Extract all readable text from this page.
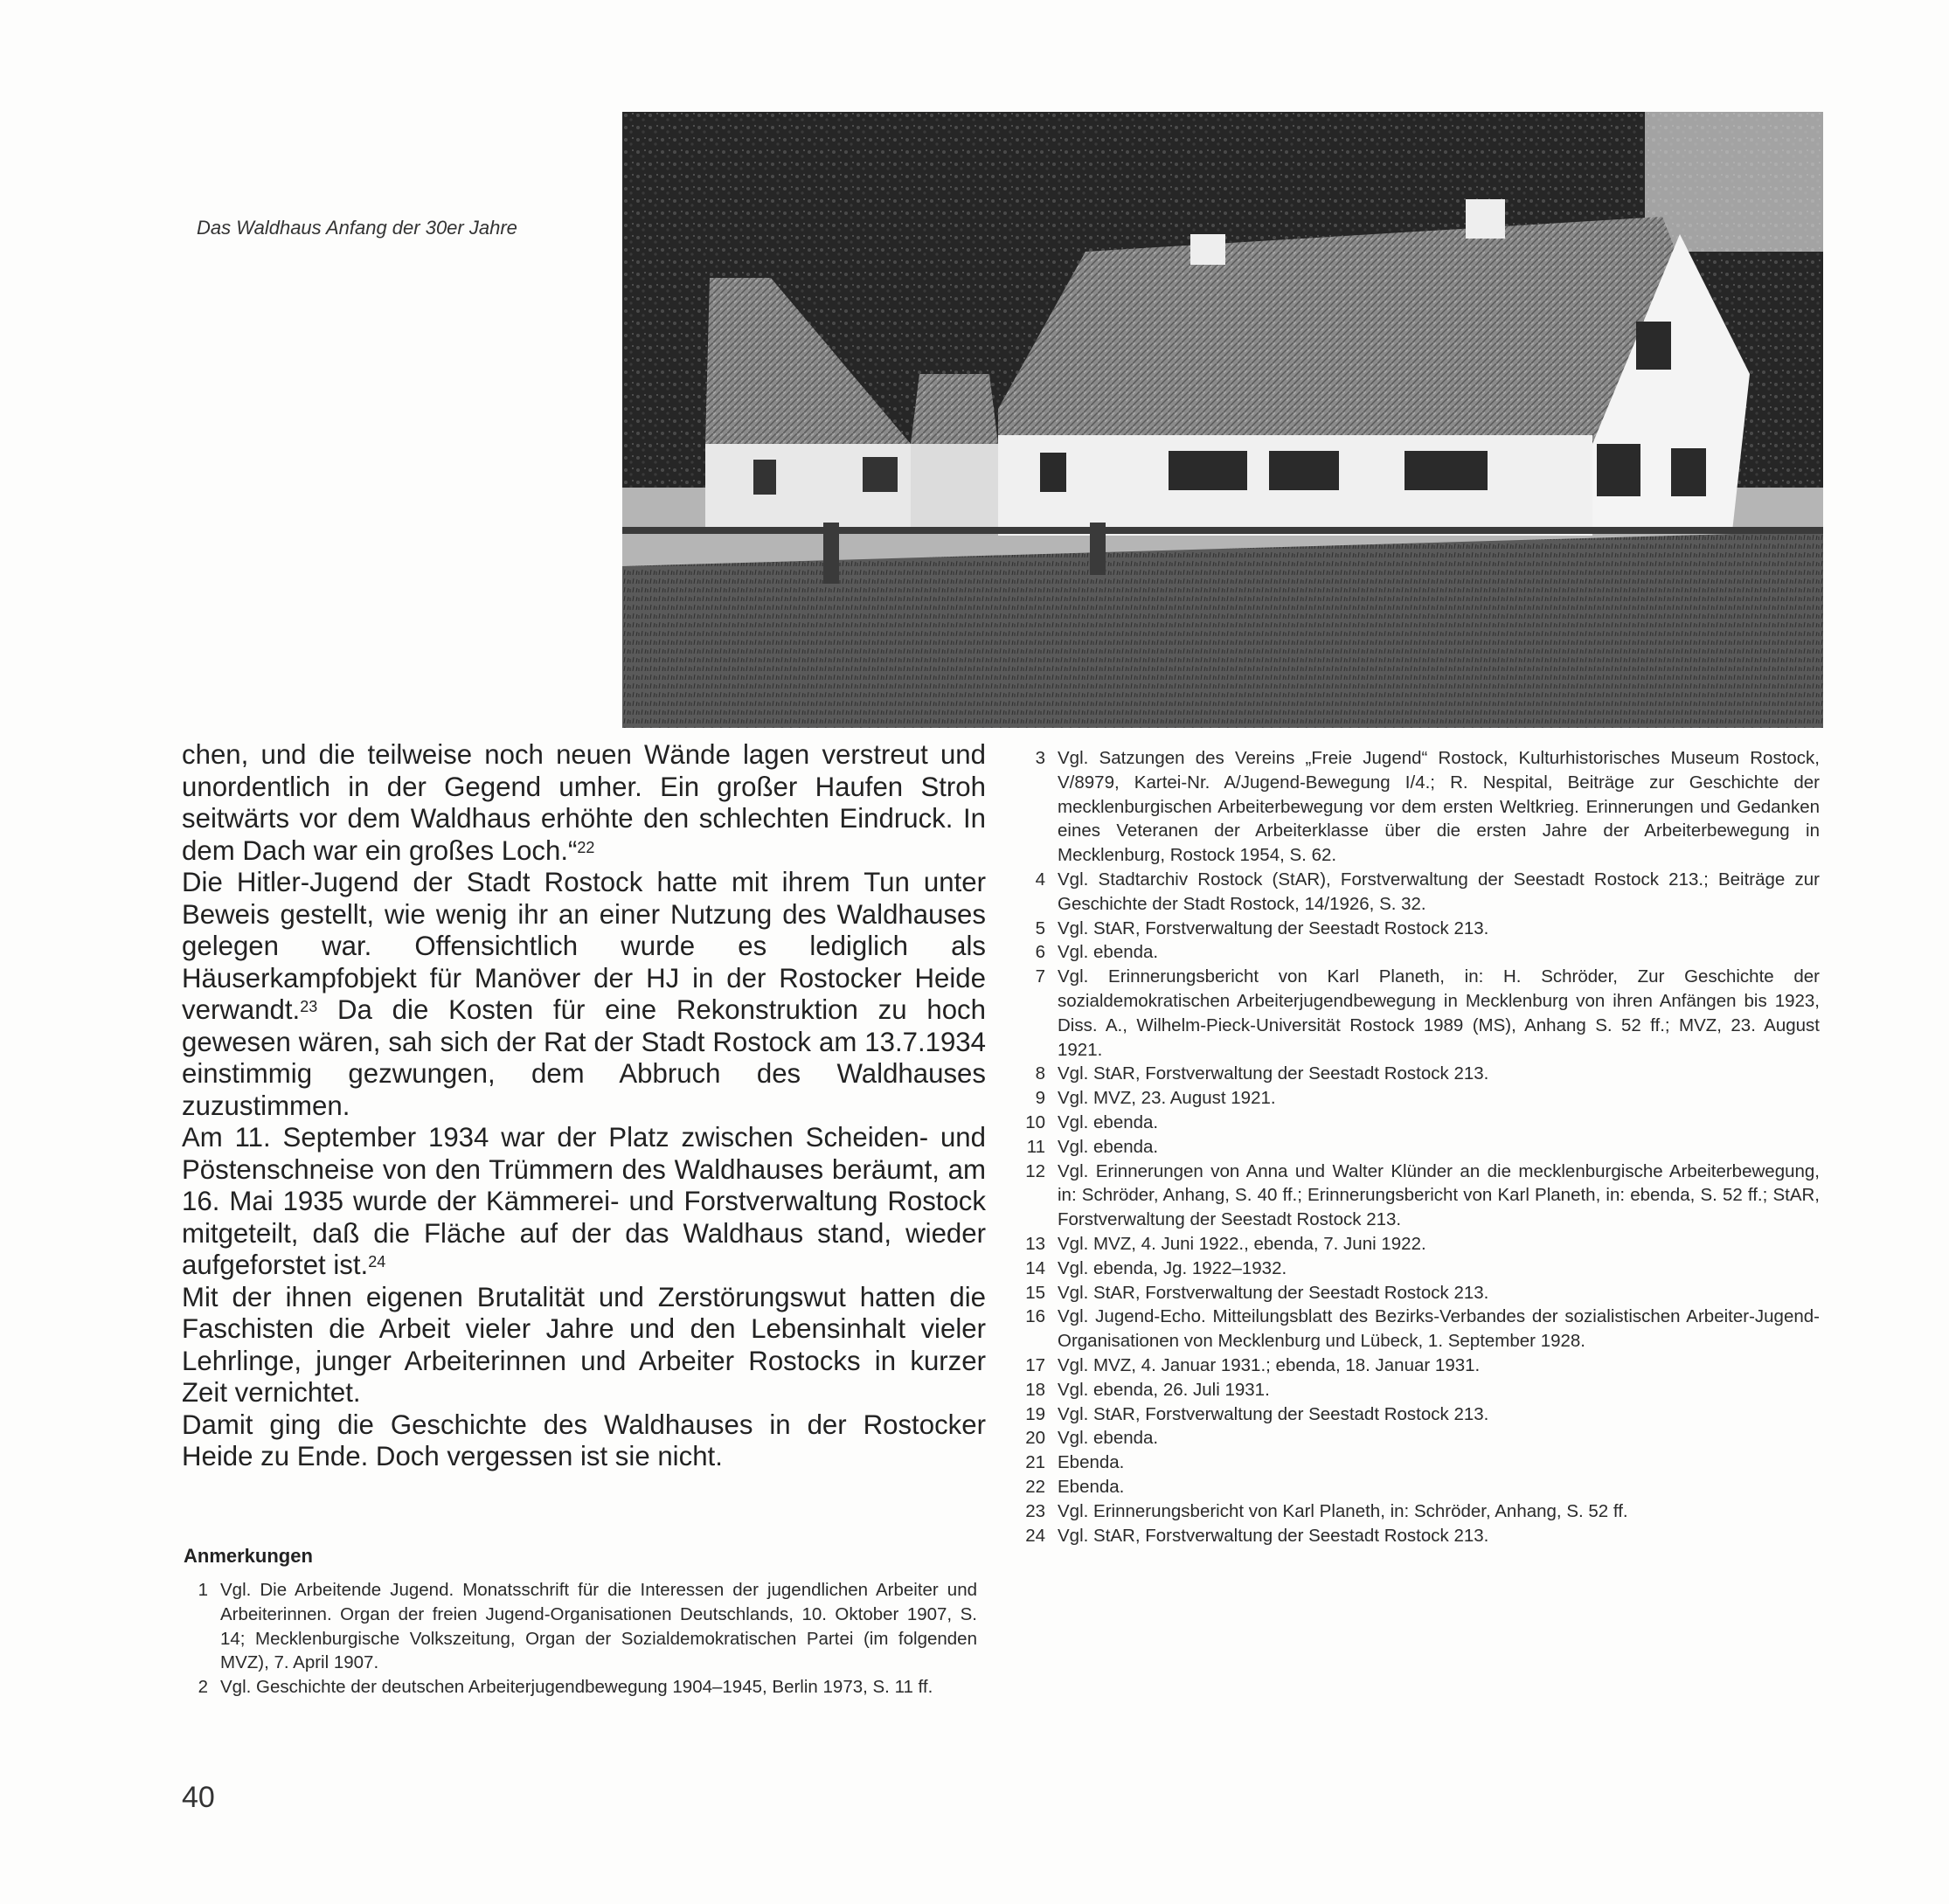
Das Waldhaus Anfang der 30er Jahre

chen, und die teilweise noch neuen Wände lagen verstreut und unordentlich in der Gegend umher. Ein großer Haufen Stroh seitwärts vor dem Waldhaus erhöhte den schlechten Eindruck. In dem Dach war ein großes Loch.“$^{22}$

Die Hitler-Jugend der Stadt Rostock hatte mit ihrem Tun unter Beweis gestellt, wie wenig ihr an einer Nutzung des Waldhauses gelegen war. Offensichtlich wurde es lediglich als Häuserkampfobjekt für Manöver der HJ in der Rostocker Heide verwandt.$^{23}$ Da die Kosten für eine Rekonstruktion zu hoch gewesen wären, sah sich der Rat der Stadt Rostock am 13.7.1934 einstimmig gezwungen, dem Abbruch des Waldhauses zuzustimmen.

Am 11. September 1934 war der Platz zwischen Scheiden- und Pöstenschneise von den Trümmern des Waldhauses beräumt, am 16. Mai 1935 wurde der Kämmerei- und Forstverwaltung Rostock mitgeteilt, daß die Fläche auf der das Waldhaus stand, wieder aufgeforstet ist.$^{24}$

Mit der ihnen eigenen Brutalität und Zerstörungswut hatten die Faschisten die Arbeit vieler Jahre und den Lebensinhalt vieler Lehrlinge, junger Arbeiterinnen und Arbeiter Rostocks in kurzer Zeit vernichtet.

Damit ging die Geschichte des Waldhauses in der Rostocker Heide zu Ende. Doch vergessen ist sie nicht.

Anmerkungen
1 Vgl. Die Arbeitende Jugend. Monatsschrift für die Interessen der jugendlichen Arbeiter und Arbeiterinnen. Organ der freien Jugend-Organisationen Deutschlands, 10. Oktober 1907, S. 14; Mecklenburgische Volkszeitung, Organ der Sozialdemokratischen Partei (im folgenden MVZ), 7. April 1907.
2 Vgl. Geschichte der deutschen Arbeiterjugendbewegung 1904–1945, Berlin 1973, S. 11 ff.
3 Vgl. Satzungen des Vereins „Freie Jugend“ Rostock, Kulturhistorisches Museum Rostock, V/8979, Kartei-Nr. A/Jugend-Bewegung I/4.; R. Nespital, Beiträge zur Geschichte der mecklenburgischen Arbeiterbewegung vor dem ersten Weltkrieg. Erinnerungen und Gedanken eines Veteranen der Arbeiterklasse über die ersten Jahre der Arbeiterbewegung in Mecklenburg, Rostock 1954, S. 62.
4 Vgl. Stadtarchiv Rostock (StAR), Forstverwaltung der Seestadt Rostock 213.; Beiträge zur Geschichte der Stadt Rostock, 14/1926, S. 32.
5 Vgl. StAR, Forstverwaltung der Seestadt Rostock 213.
6 Vgl. ebenda.
7 Vgl. Erinnerungsbericht von Karl Planeth, in: H. Schröder, Zur Geschichte der sozialdemokratischen Arbeiterjugendbewegung in Mecklenburg von ihren Anfängen bis 1923, Diss. A., Wilhelm-Pieck-Universität Rostock 1989 (MS), Anhang S. 52 ff.; MVZ, 23. August 1921.
8 Vgl. StAR, Forstverwaltung der Seestadt Rostock 213.
9 Vgl. MVZ, 23. August 1921.
10 Vgl. ebenda.
11 Vgl. ebenda.
12 Vgl. Erinnerungen von Anna und Walter Klünder an die mecklenburgische Arbeiterbewegung, in: Schröder, Anhang, S. 40 ff.; Erinnerungsbericht von Karl Planeth, in: ebenda, S. 52 ff.; StAR, Forstverwaltung der Seestadt Rostock 213.
13 Vgl. MVZ, 4. Juni 1922., ebenda, 7. Juni 1922.
14 Vgl. ebenda, Jg. 1922–1932.
15 Vgl. StAR, Forstverwaltung der Seestadt Rostock 213.
16 Vgl. Jugend-Echo. Mitteilungsblatt des Bezirks-Verbandes der sozialistischen Arbeiter-Jugend-Organisationen von Mecklenburg und Lübeck, 1. September 1928.
17 Vgl. MVZ, 4. Januar 1931.; ebenda, 18. Januar 1931.
18 Vgl. ebenda, 26. Juli 1931.
19 Vgl. StAR, Forstverwaltung der Seestadt Rostock 213.
20 Vgl. ebenda.
21 Ebenda.
22 Ebenda.
23 Vgl. Erinnerungsbericht von Karl Planeth, in: Schröder, Anhang, S. 52 ff.
24 Vgl. StAR, Forstverwaltung der Seestadt Rostock 213.
40
